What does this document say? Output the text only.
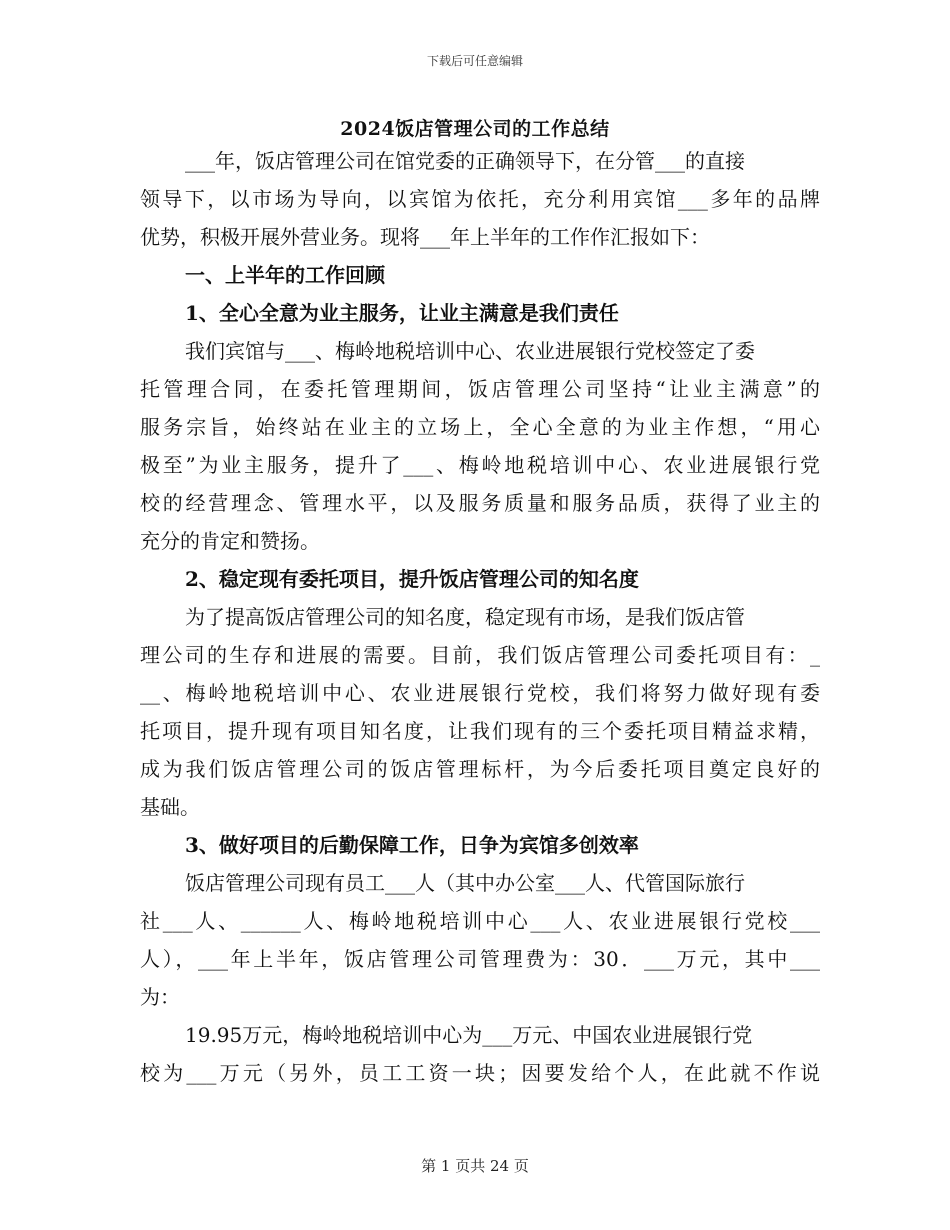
下载后可任意编辑
2024饭店管理公司的工作总结
___年，饭店管理公司在馆党委的正确领导下，在分管___的直接
领导下，以市场为导向，以宾馆为依托，充分利用宾馆___多年的品牌
优势，积极开展外营业务。现将___年上半年的工作作汇报如下：
一、上半年的工作回顾
1、全心全意为业主服务，让业主满意是我们责任
我们宾馆与___、梅岭地税培训中心、农业进展银行党校签定了委
托管理合同，在委托管理期间，饭店管理公司坚持“让业主满意”的
服务宗旨，始终站在业主的立场上，全心全意的为业主作想，“用心
极至”为业主服务，提升了___、梅岭地税培训中心、农业进展银行党
校的经营理念、管理水平，以及服务质量和服务品质，获得了业主的
充分的肯定和赞扬。
2、稳定现有委托项目，提升饭店管理公司的知名度
为了提高饭店管理公司的知名度，稳定现有市场，是我们饭店管
理公司的生存和进展的需要。目前，我们饭店管理公司委托项目有：_
__、梅岭地税培训中心、农业进展银行党校，我们将努力做好现有委
托项目，提升现有项目知名度，让我们现有的三个委托项目精益求精，
成为我们饭店管理公司的饭店管理标杆，为今后委托项目奠定良好的
基础。
3、做好项目的后勤保障工作，日争为宾馆多创效率
饭店管理公司现有员工___人（其中办公室___人、代管国际旅行
社___人、______人、梅岭地税培训中心___人、农业进展银行党校___
人），___年上半年，饭店管理公司管理费为：30．___万元，其中___
为：
19.95万元，梅岭地税培训中心为___万元、中国农业进展银行党
校为___万元（另外，员工工资一块；因要发给个人，在此就不作说
第 1 页共 24 页
